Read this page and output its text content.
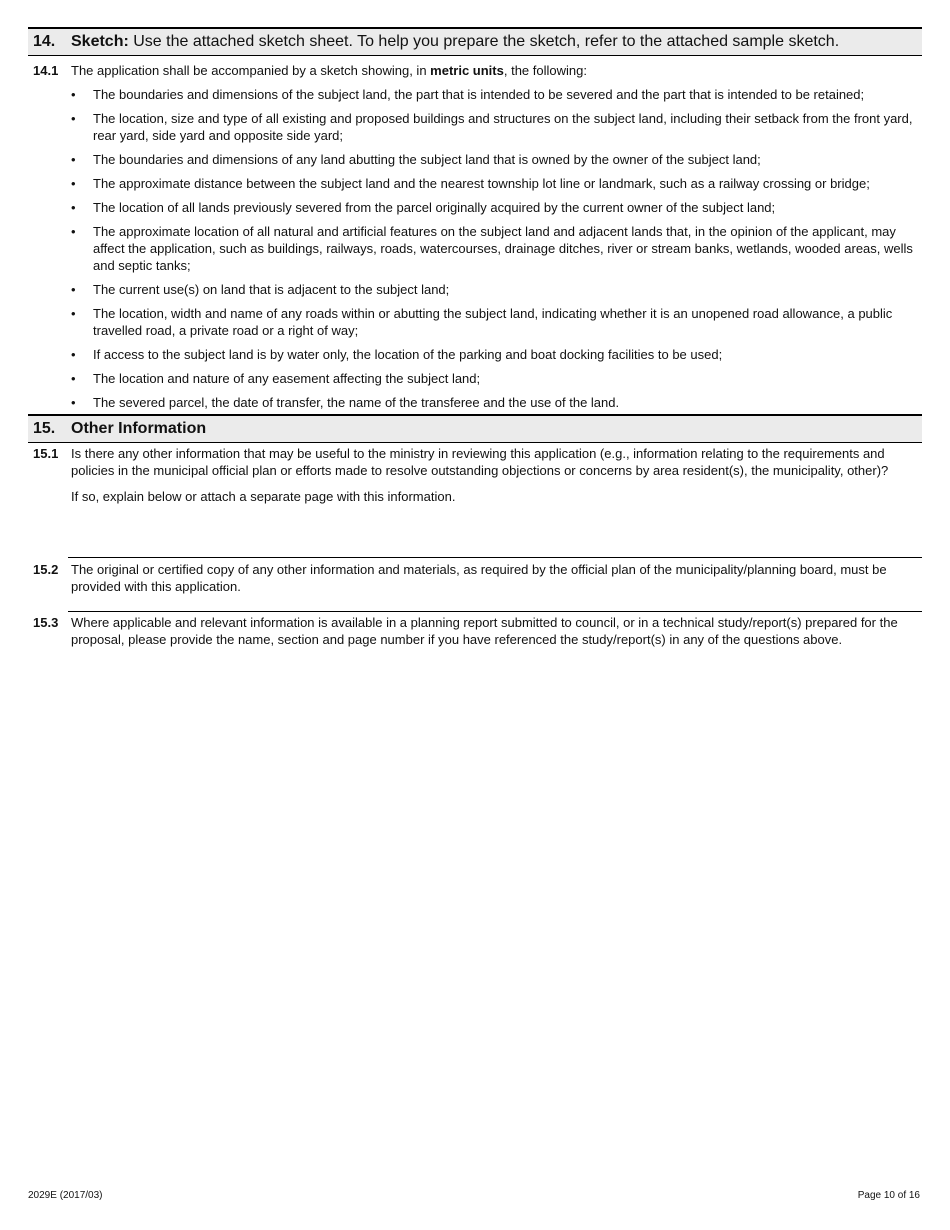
14. Sketch: Use the attached sketch sheet. To help you prepare the sketch, refer to the attached sample sketch.
14.1 The application shall be accompanied by a sketch showing, in metric units, the following:
• The boundaries and dimensions of the subject land, the part that is intended to be severed and the part that is intended to be retained;
• The location, size and type of all existing and proposed buildings and structures on the subject land, including their setback from the front yard, rear yard, side yard and opposite side yard;
• The boundaries and dimensions of any land abutting the subject land that is owned by the owner of the subject land;
• The approximate distance between the subject land and the nearest township lot line or landmark, such as a railway crossing or bridge;
• The location of all lands previously severed from the parcel originally acquired by the current owner of the subject land;
• The approximate location of all natural and artificial features on the subject land and adjacent lands that, in the opinion of the applicant, may affect the application, such as buildings, railways, roads, watercourses, drainage ditches, river or stream banks, wetlands, wooded areas, wells and septic tanks;
• The current use(s) on land that is adjacent to the subject land;
• The location, width and name of any roads within or abutting the subject land, indicating whether it is an unopened road allowance, a public travelled road, a private road or a right of way;
• If access to the subject land is by water only, the location of the parking and boat docking facilities to be used;
• The location and nature of any easement affecting the subject land;
• The severed parcel, the date of transfer, the name of the transferee and the use of the land.
15. Other Information
15.1 Is there any other information that may be useful to the ministry in reviewing this application (e.g., information relating to the requirements and policies in the municipal official plan or efforts made to resolve outstanding objections or concerns by area resident(s), the municipality, other)?
If so, explain below or attach a separate page with this information.
15.2 The original or certified copy of any other information and materials, as required by the official plan of the municipality/planning board, must be provided with this application.
15.3 Where applicable and relevant information is available in a planning report submitted to council, or in a technical study/report(s) prepared for the proposal, please provide the name, section and page number if you have referenced the study/report(s) in any of the questions above.
2029E (2017/03)	Page 10 of 16
